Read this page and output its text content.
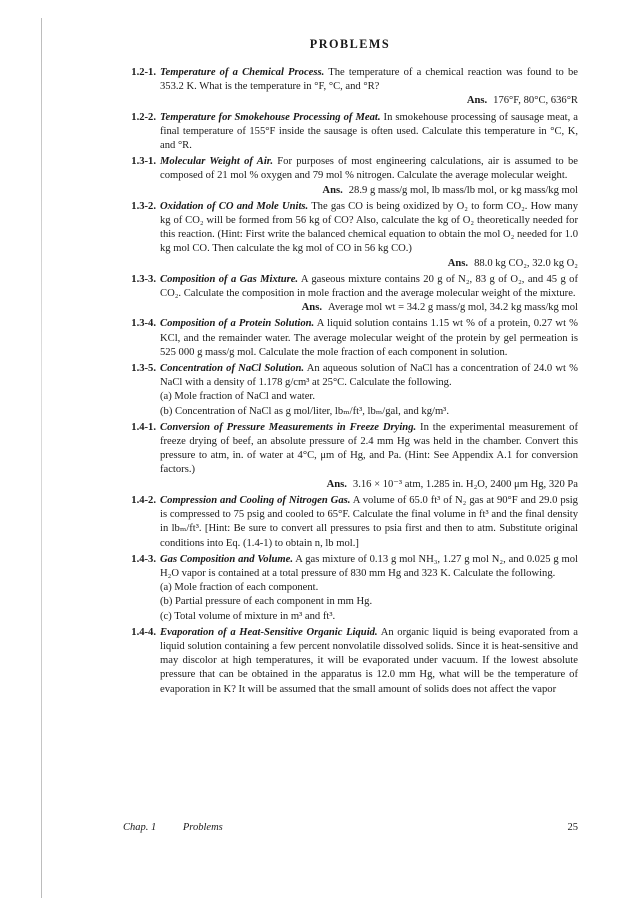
PROBLEMS
1.2-1. Temperature of a Chemical Process. The temperature of a chemical reaction was found to be 353.2 K. What is the temperature in °F, °C, and °R?
Ans. 176°F, 80°C, 636°R
1.2-2. Temperature for Smokehouse Processing of Meat. In smokehouse processing of sausage meat, a final temperature of 155°F inside the sausage is often used. Calculate this temperature in °C, K, and °R.
1.3-1. Molecular Weight of Air. For purposes of most engineering calculations, air is assumed to be composed of 21 mol % oxygen and 79 mol % nitrogen. Calculate the average molecular weight.
Ans. 28.9 g mass/g mol, lb mass/lb mol, or kg mass/kg mol
1.3-2. Oxidation of CO and Mole Units. The gas CO is being oxidized by O₂ to form CO₂. How many kg of CO₂ will be formed from 56 kg of CO? Also, calculate the kg of O₂ theoretically needed for this reaction. (Hint: First write the balanced chemical equation to obtain the mol O₂ needed for 1.0 kg mol CO. Then calculate the kg mol of CO in 56 kg CO.)
Ans. 88.0 kg CO₂, 32.0 kg O₂
1.3-3. Composition of a Gas Mixture. A gaseous mixture contains 20 g of N₂, 83 g of O₂, and 45 g of CO₂. Calculate the composition in mole fraction and the average molecular weight of the mixture.
Ans. Average mol wt = 34.2 g mass/g mol, 34.2 kg mass/kg mol
1.3-4. Composition of a Protein Solution. A liquid solution contains 1.15 wt % of a protein, 0.27 wt % KCl, and the remainder water. The average molecular weight of the protein by gel permeation is 525 000 g mass/g mol. Calculate the mole fraction of each component in solution.
1.3-5. Concentration of NaCl Solution. An aqueous solution of NaCl has a concentration of 24.0 wt % NaCl with a density of 1.178 g/cm³ at 25°C. Calculate the following.
(a) Mole fraction of NaCl and water.
(b) Concentration of NaCl as g mol/liter, lbₘ/ft³, lbₘ/gal, and kg/m³.
1.4-1. Conversion of Pressure Measurements in Freeze Drying. In the experimental measurement of freeze drying of beef, an absolute pressure of 2.4 mm Hg was held in the chamber. Convert this pressure to atm, in. of water at 4°C, μm of Hg, and Pa. (Hint: See Appendix A.1 for conversion factors.)
Ans. 3.16 × 10⁻³ atm, 1.285 in. H₂O, 2400 μm Hg, 320 Pa
1.4-2. Compression and Cooling of Nitrogen Gas. A volume of 65.0 ft³ of N₂ gas at 90°F and 29.0 psig is compressed to 75 psig and cooled to 65°F. Calculate the final volume in ft³ and the final density in lbₘ/ft³. [Hint: Be sure to convert all pressures to psia first and then to atm. Substitute original conditions into Eq. (1.4-1) to obtain n, lb mol.]
1.4-3. Gas Composition and Volume. A gas mixture of 0.13 g mol NH₃, 1.27 g mol N₂, and 0.025 g mol H₂O vapor is contained at a total pressure of 830 mm Hg and 323 K. Calculate the following.
(a) Mole fraction of each component.
(b) Partial pressure of each component in mm Hg.
(c) Total volume of mixture in m³ and ft³.
1.4-4. Evaporation of a Heat-Sensitive Organic Liquid. An organic liquid is being evaporated from a liquid solution containing a few percent nonvolatile dissolved solids. Since it is heat-sensitive and may discolor at high temperatures, it will be evaporated under vacuum. If the lowest absolute pressure that can be obtained in the apparatus is 12.0 mm Hg, what will be the temperature of evaporation in K? It will be assumed that the small amount of solids does not affect the vapor
Chap. 1	Problems	25
